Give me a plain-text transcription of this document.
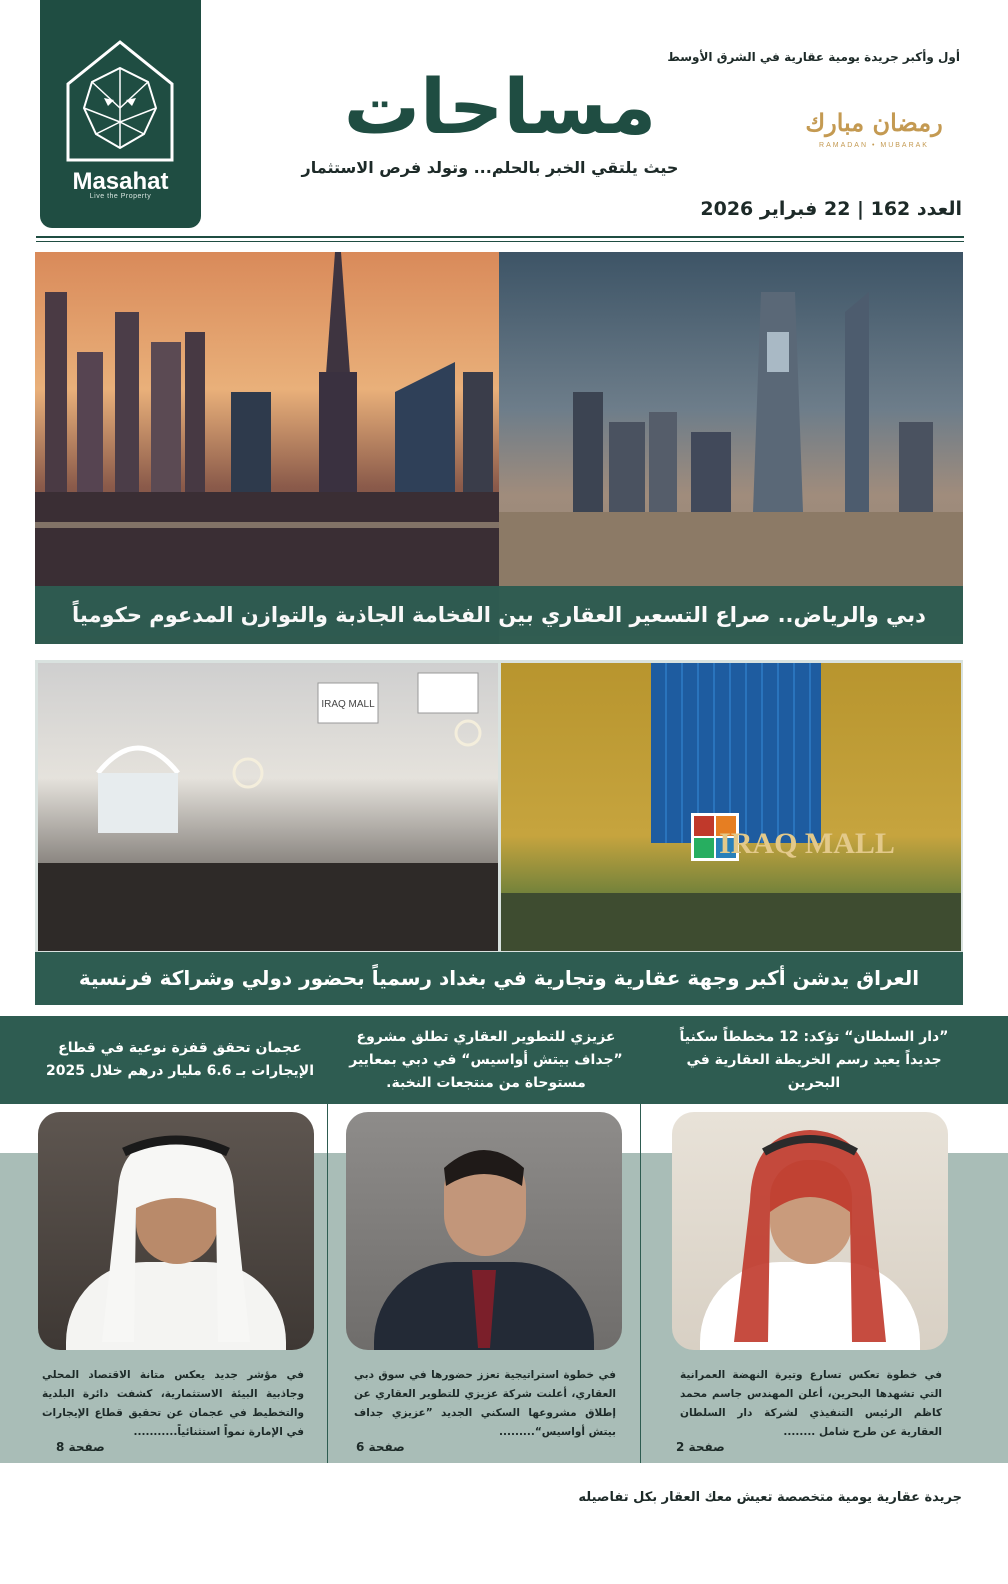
Masahat
Live the Property
أول وأكبر جريدة يومية عقارية في الشرق الأوسط
مساحات
حيث يلتقي الخبر بالحلم... وتولد فرص الاستثمار
رمضان مبارك
RAMADAN • MUBARAK
العدد 162 | 22 فبراير 2026
دبي والرياض.. صراع التسعير العقاري بين الفخامة الجاذبة والتوازن المدعوم حكومياً
IRAQ MALL
IRAQ MALL
العراق يدشن أكبر وجهة عقارية وتجارية في بغداد رسمياً بحضور دولي وشراكة فرنسية
”دار السلطان“ تؤكد: 12 مخططاً سكنياً جديداً يعيد رسم الخريطة العقارية في البحرين
عزيزي للتطوير العقاري تطلق مشروع ”جداف بيتش أواسيس“ في دبي بمعايير مستوحاة من منتجعات النخبة.
عجمان تحقق قفزة نوعية في قطاع الإيجارات بـ 6.6 مليار درهم خلال 2025
في خطوة تعكس تسارع وتيرة النهضة العمرانية التي تشهدها البحرين، أعلن المهندس جاسم محمد كاظم الرئيس التنفيذي لشركة دار السلطان العقارية عن طرح شامل ........
في خطوة استراتيجية تعزز حضورها في سوق دبي العقاري، أعلنت شركة عزيزي للتطوير العقاري عن إطلاق مشروعها السكني الجديد ”عزيزي جداف بيتش أواسيس“.........
في مؤشر جديد يعكس متانة الاقتصاد المحلي وجاذبية البيئة الاستثمارية، كشفت دائرة البلدية والتخطيط في عجمان عن تحقيق قطاع الإيجارات في الإمارة نمواً استثنائياً...........
صفحة 2
صفحة 6
صفحة 8
جريدة عقارية يومية متخصصة تعيش معك العقار بكل تفاصيله
